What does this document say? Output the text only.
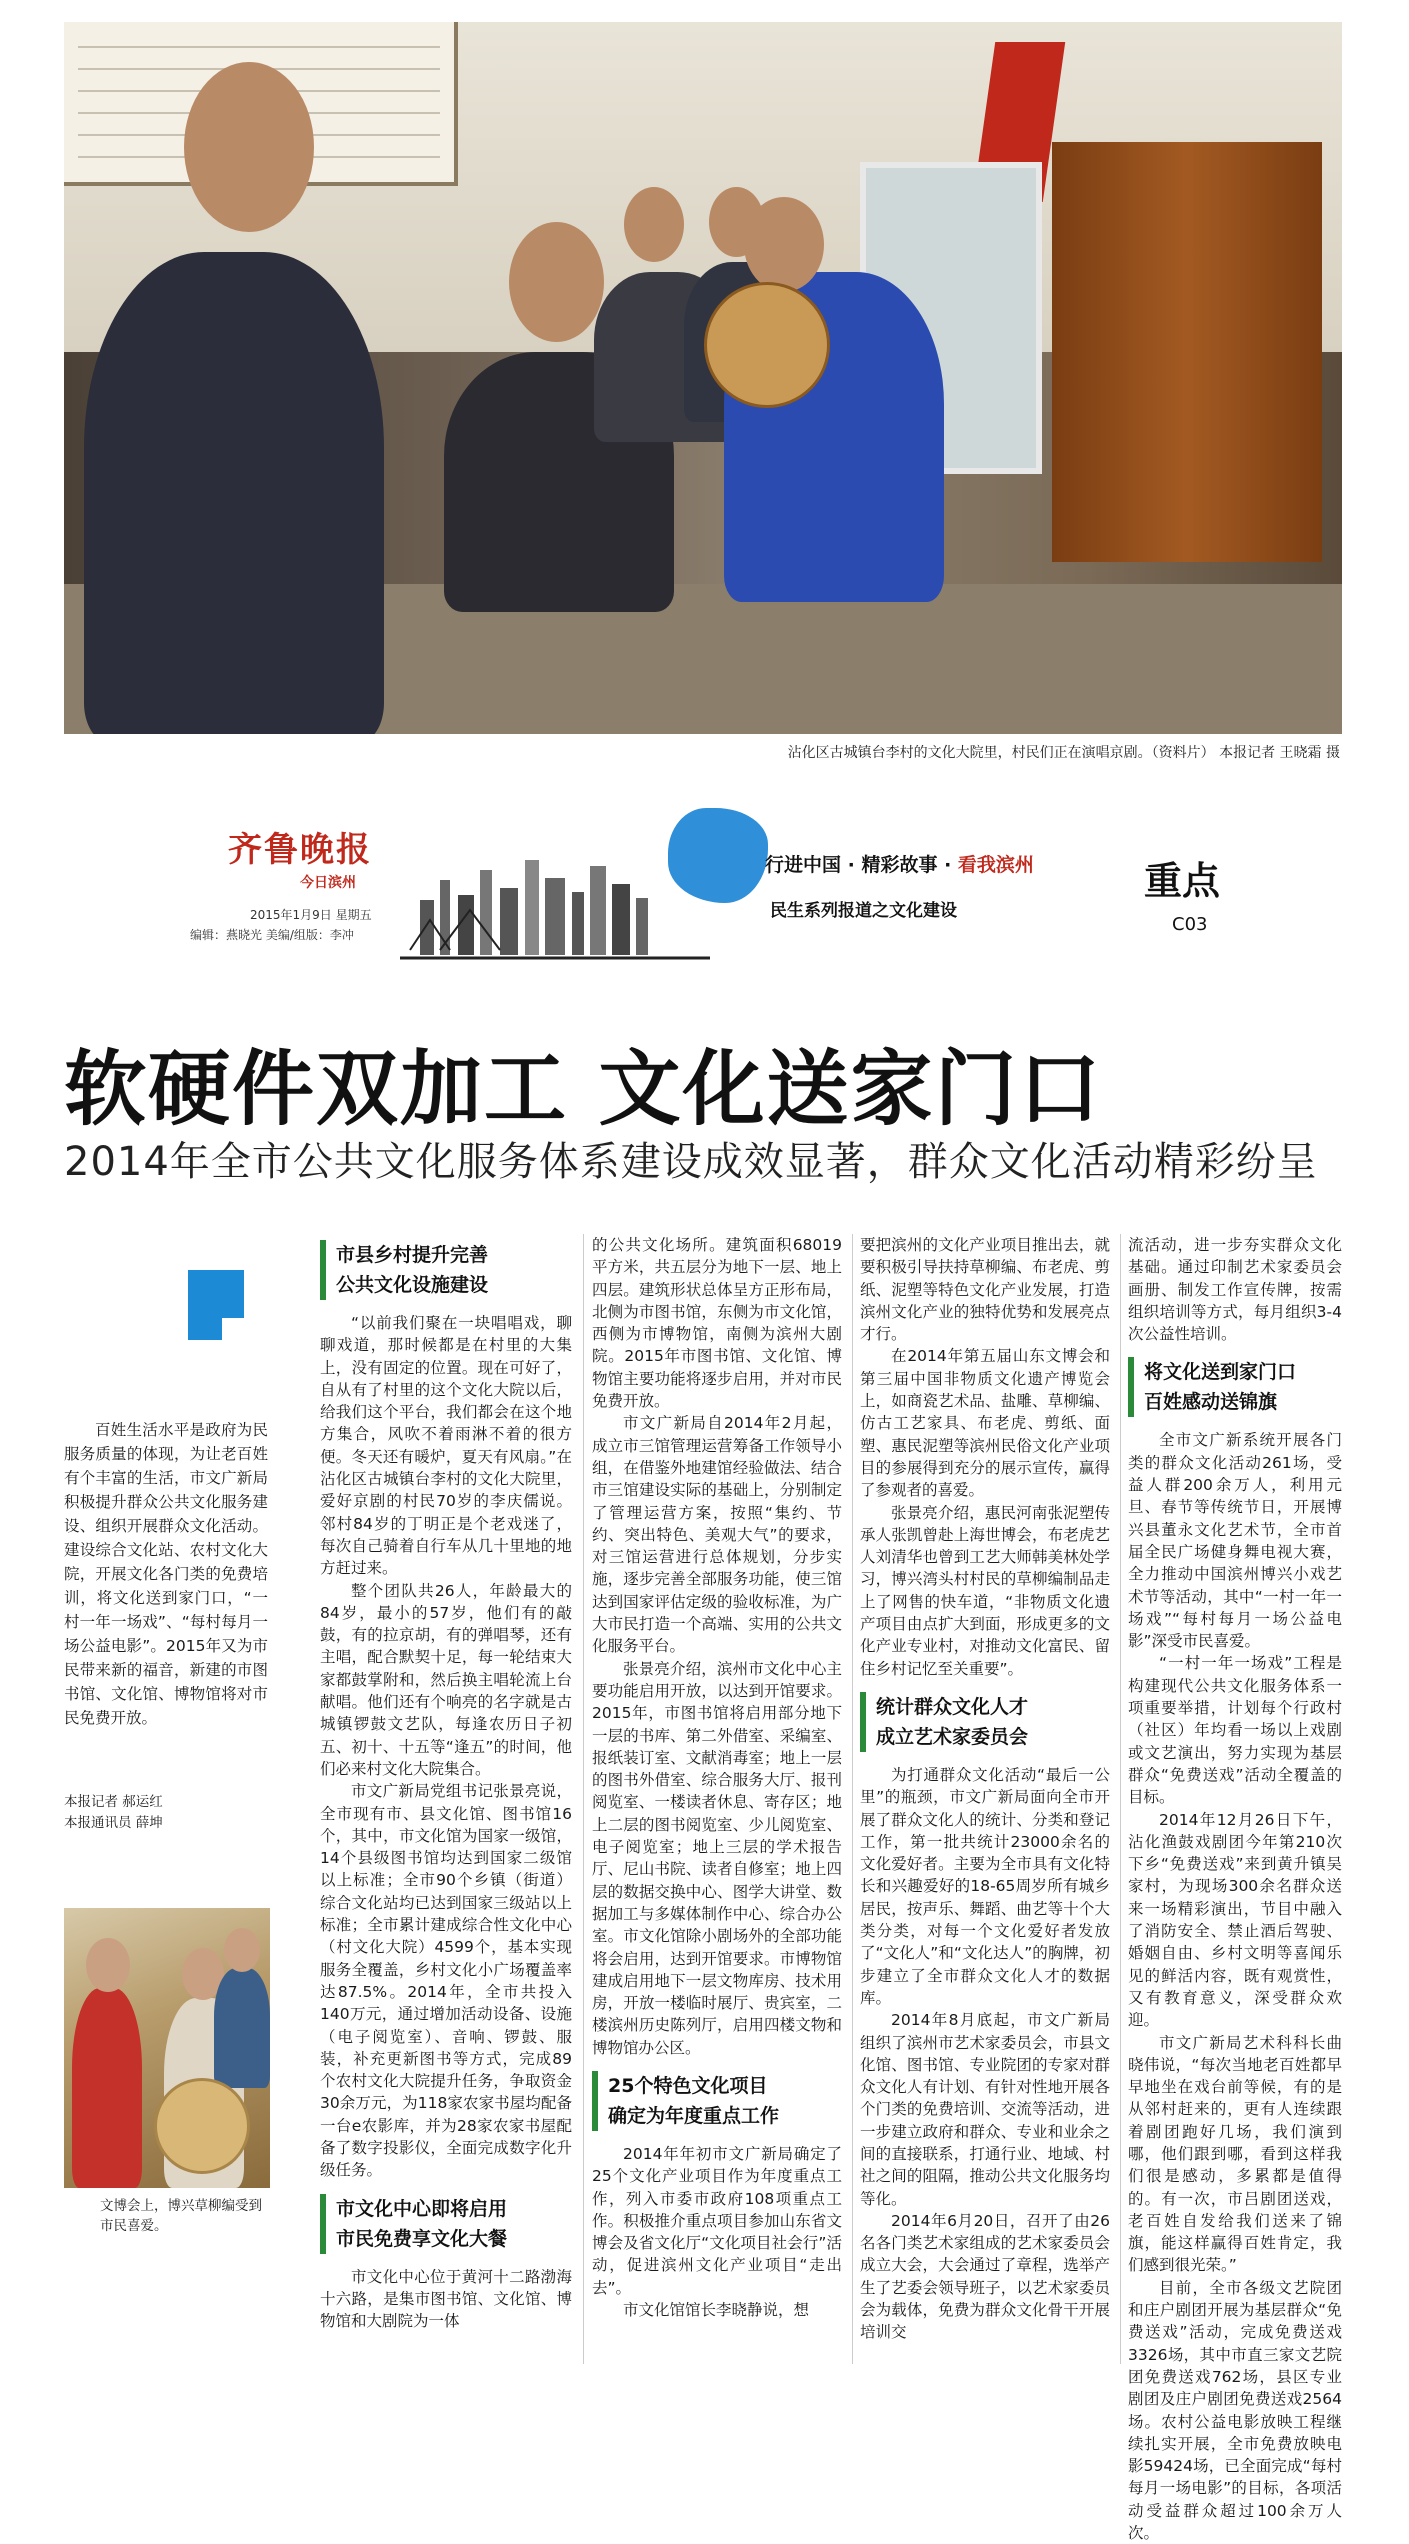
沾化区古城镇台李村的文化大院里，村民们正在演唱京剧。（资料片） 本报记者 王晓霜 摄
齐鲁晚报
今日滨州
2015年1月9日 星期五
编辑：燕晓光 美编/组版：李冲
行进中国 · 精彩故事 · 看我滨州
民生系列报道之文化建设
重点
C03
软硬件双加工 文化送家门口
2014年全市公共文化服务体系建设成效显著，群众文化活动精彩纷呈
百姓生活水平是政府为民服务质量的体现，为让老百姓有个丰富的生活，市文广新局积极提升群众公共文化服务建设、组织开展群众文化活动。建设综合文化站、农村文化大院，开展文化各门类的免费培训，将文化送到家门口，“一村一年一场戏”、“每村每月一场公益电影”。2015年又为市民带来新的福音，新建的市图书馆、文化馆、博物馆将对市民免费开放。
本报记者 郝运红
本报通讯员 薛坤
文博会上，博兴草柳编受到市民喜爱。
市县乡村提升完善
公共文化设施建设

“以前我们聚在一块唱唱戏，聊聊戏道，那时候都是在村里的大集上，没有固定的位置。现在可好了，自从有了村里的这个文化大院以后，给我们这个平台，我们都会在这个地方集合，风吹不着雨淋不着的很方便。冬天还有暖炉，夏天有风扇。”在沾化区古城镇台李村的文化大院里，爱好京剧的村民70岁的李庆儒说。邻村84岁的丁明正是个老戏迷了，每次自己骑着自行车从几十里地的地方赶过来。

整个团队共26人，年龄最大的84岁，最小的57岁，他们有的敲鼓，有的拉京胡，有的弹唱琴，还有主唱，配合默契十足，每一轮结束大家都鼓掌附和，然后换主唱轮流上台献唱。他们还有个响亮的名字就是古城镇锣鼓文艺队，每逢农历日子初五、初十、十五等“逢五”的时间，他们必来村文化大院集合。

市文广新局党组书记张景亮说，全市现有市、县文化馆、图书馆16个，其中，市文化馆为国家一级馆，14个县级图书馆均达到国家二级馆以上标准；全市90个乡镇（街道）综合文化站均已达到国家三级站以上标准；全市累计建成综合性文化中心（村文化大院）4599个，基本实现服务全覆盖，乡村文化小广场覆盖率达87.5%。2014年，全市共投入140万元，通过增加活动设备、设施（电子阅览室）、音响、锣鼓、服装，补充更新图书等方式，完成89个农村文化大院提升任务，争取资金30余万元，为118家农家书屋均配备一台e农影库，并为28家农家书屋配备了数字投影仪，全面完成数字化升级任务。

市文化中心即将启用
市民免费享文化大餐

市文化中心位于黄河十二路渤海十六路，是集市图书馆、文化馆、博物馆和大剧院为一体

的公共文化场所。建筑面积68019平方米，共五层分为地下一层、地上四层。建筑形状总体呈方正形布局，北侧为市图书馆，东侧为市文化馆，西侧为市博物馆，南侧为滨州大剧院。2015年市图书馆、文化馆、博物馆主要功能将逐步启用，并对市民免费开放。

市文广新局自2014年2月起，成立市三馆管理运营筹备工作领导小组，在借鉴外地建馆经验做法、结合市三馆建设实际的基础上，分别制定了管理运营方案，按照“集约、节约、突出特色、美观大气”的要求，对三馆运营进行总体规划，分步实施，逐步完善全部服务功能，使三馆达到国家评估定级的验收标准，为广大市民打造一个高端、实用的公共文化服务平台。

张景亮介绍，滨州市文化中心主要功能启用开放，以达到开馆要求。2015年，市图书馆将启用部分地下一层的书库、第二外借室、采编室、报纸装订室、文献消毒室；地上一层的图书外借室、综合服务大厅、报刊阅览室、一楼读者休息、寄存区；地上二层的图书阅览室、少儿阅览室、电子阅览室；地上三层的学术报告厅、尼山书院、读者自修室；地上四层的数据交换中心、图学大讲堂、数据加工与多媒体制作中心、综合办公室。市文化馆除小剧场外的全部功能将会启用，达到开馆要求。市博物馆建成启用地下一层文物库房、技术用房，开放一楼临时展厅、贵宾室，二楼滨州历史陈列厅，启用四楼文物和博物馆办公区。

25个特色文化项目
确定为年度重点工作

2014年年初市文广新局确定了25个文化产业项目作为年度重点工作，列入市委市政府108项重点工作。积极推介重点项目参加山东省文博会及省文化厅“文化项目社会行”活动，促进滨州文化产业项目“走出去”。

市文化馆馆长李晓静说，想

要把滨州的文化产业项目推出去，就要积极引导扶持草柳编、布老虎、剪纸、泥塑等特色文化产业发展，打造滨州文化产业的独特优势和发展亮点才行。

在2014年第五届山东文博会和第三届中国非物质文化遗产博览会上，如商瓷艺术品、盐雕、草柳编、仿古工艺家具、布老虎、剪纸、面塑、惠民泥塑等滨州民俗文化产业项目的参展得到充分的展示宣传，赢得了参观者的喜爱。

张景亮介绍，惠民河南张泥塑传承人张凯曾赴上海世博会，布老虎艺人刘清华也曾到工艺大师韩美林处学习，博兴湾头村村民的草柳编制品走上了网售的快车道，“非物质文化遗产项目由点扩大到面，形成更多的文化产业专业村，对推动文化富民、留住乡村记忆至关重要”。

统计群众文化人才
成立艺术家委员会

为打通群众文化活动“最后一公里”的瓶颈，市文广新局面向全市开展了群众文化人的统计、分类和登记工作，第一批共统计23000余名的文化爱好者。主要为全市具有文化特长和兴趣爱好的18-65周岁所有城乡居民，按声乐、舞蹈、曲艺等十个大类分类，对每一个文化爱好者发放了“文化人”和“文化达人”的胸牌，初步建立了全市群众文化人才的数据库。

2014年8月底起，市文广新局组织了滨州市艺术家委员会，市县文化馆、图书馆、专业院团的专家对群众文化人有计划、有针对性地开展各个门类的免费培训、交流等活动，进一步建立政府和群众、专业和业余之间的直接联系，打通行业、地域、村社之间的阻隔，推动公共文化服务均等化。

2014年6月20日，召开了由26名各门类艺术家组成的艺术家委员会成立大会，大会通过了章程，选举产生了艺委会领导班子，以艺术家委员会为载体，免费为群众文化骨干开展培训交

流活动，进一步夯实群众文化基础。通过印制艺术家委员会画册、制发工作宣传牌，按需组织培训等方式，每月组织3-4次公益性培训。

将文化送到家门口
百姓感动送锦旗

全市文广新系统开展各门类的群众文化活动261场，受益人群200余万人，利用元旦、春节等传统节日，开展博兴县董永文化艺术节，全市首届全民广场健身舞电视大赛，全力推动中国滨州博兴小戏艺术节等活动，其中“一村一年一场戏”“每村每月一场公益电影”深受市民喜爱。

“一村一年一场戏”工程是构建现代公共文化服务体系一项重要举措，计划每个行政村（社区）年均看一场以上戏剧或文艺演出，努力实现为基层群众“免费送戏”活动全覆盖的目标。

2014年12月26日下午，沾化渔鼓戏剧团今年第210次下乡“免费送戏”来到黄升镇吴家村，为现场300余名群众送来一场精彩演出，节目中融入了消防安全、禁止酒后驾驶、婚姻自由、乡村文明等喜闻乐见的鲜活内容，既有观赏性，又有教育意义，深受群众欢迎。

市文广新局艺术科科长曲晓伟说，“每次当地老百姓都早早地坐在戏台前等候，有的是从邻村赶来的，更有人连续跟着剧团跑好几场，我们演到哪，他们跟到哪，看到这样我们很是感动，多累都是值得的。有一次，市吕剧团送戏，老百姓自发给我们送来了锦旗，能这样赢得百姓肯定，我们感到很光荣。”

目前，全市各级文艺院团和庄户剧团开展为基层群众“免费送戏”活动，完成免费送戏3326场，其中市直三家文艺院团免费送戏762场，县区专业剧团及庄户剧团免费送戏2564场。农村公益电影放映工程继续扎实开展，全市免费放映电影59424场，已全面完成“每村每月一场电影”的目标，各项活动受益群众超过100余万人次。
